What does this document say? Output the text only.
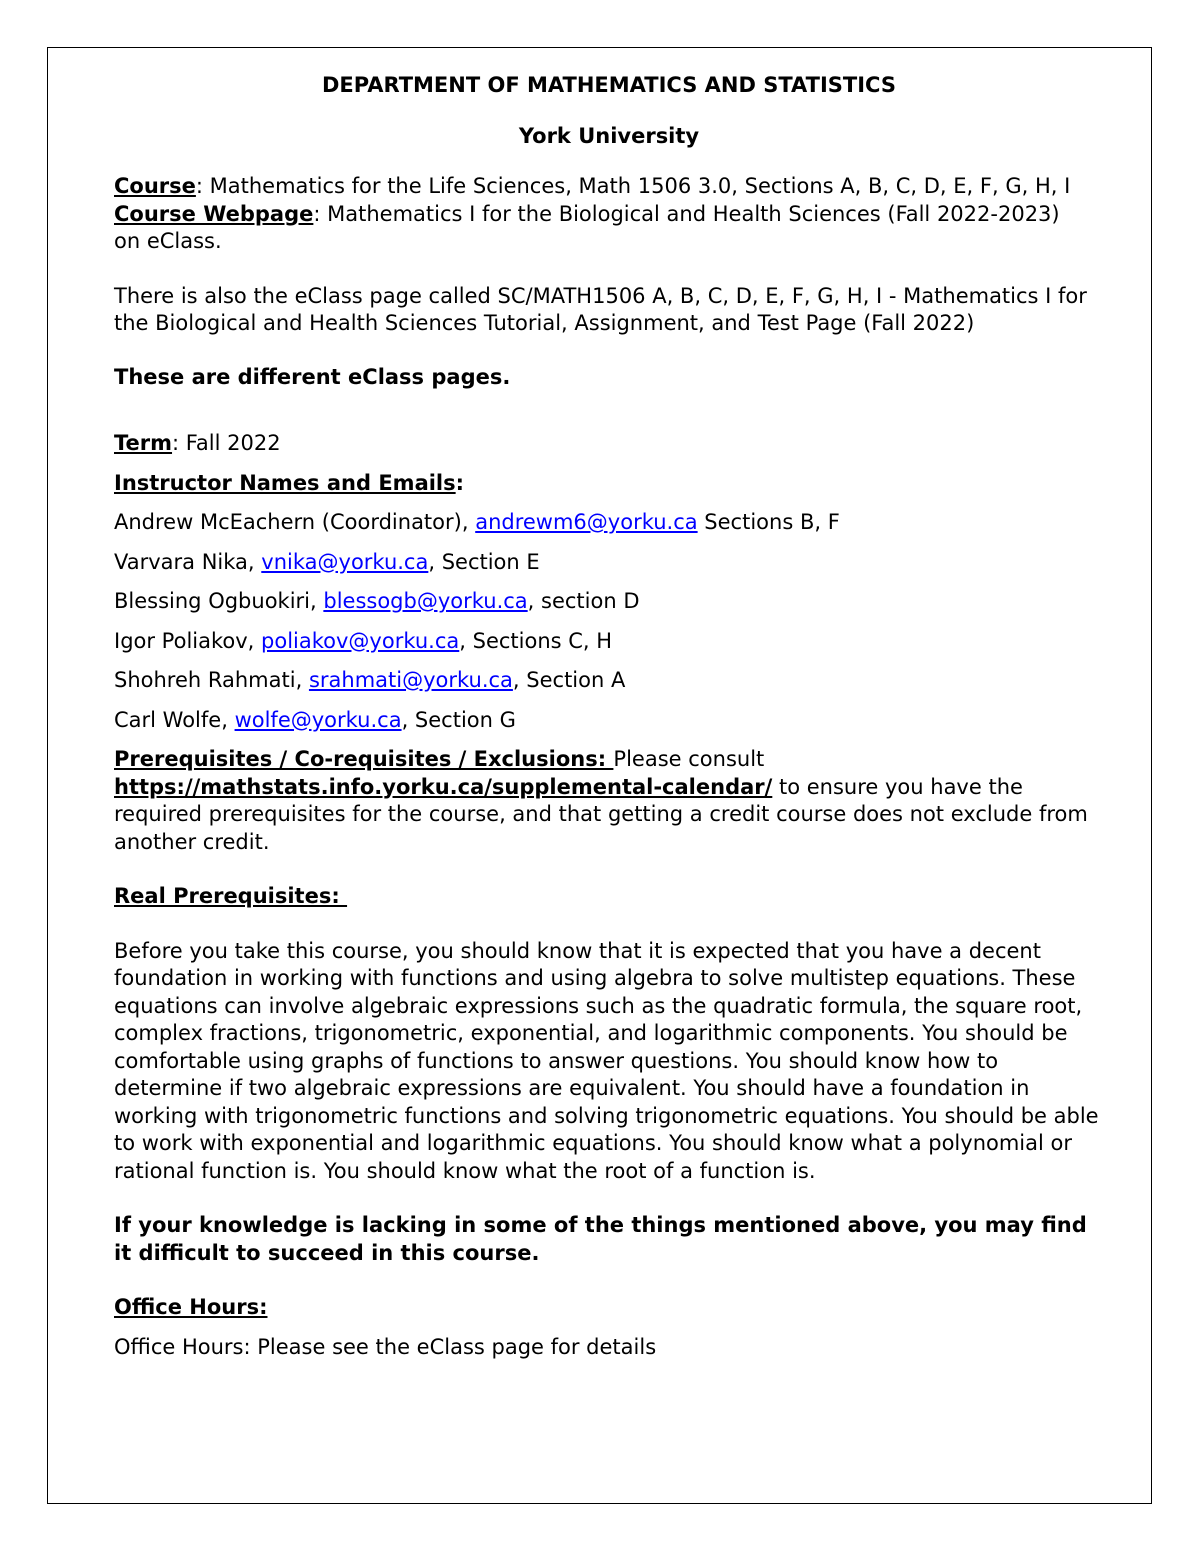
DEPARTMENT OF MATHEMATICS AND STATISTICS

York University

Course: Mathematics for the Life Sciences, Math 1506 3.0, Sections A, B, C, D, E, F, G, H, I

Course Webpage: Mathematics I for the Biological and Health Sciences (Fall 2022-2023)

on eClass.

There is also the eClass page called SC/MATH1506 A, B, C, D, E, F, G, H, I - Mathematics I for the Biological and Health Sciences Tutorial, Assignment, and Test Page (Fall 2022)

These are different eClass pages.

Term: Fall 2022

Instructor Names and Emails:

Andrew McEachern (Coordinator), andrewm6@yorku.ca Sections B, F

Varvara Nika, vnika@yorku.ca, Section E

Blessing Ogbuokiri, blessogb@yorku.ca, section D

Igor Poliakov, poliakov@yorku.ca, Sections C, H

Shohreh Rahmati, srahmati@yorku.ca, Section A

Carl Wolfe, wolfe@yorku.ca, Section G

Prerequisites / Co-requisites / Exclusions: Please consult
https://mathstats.info.yorku.ca/supplemental-calendar/ to ensure you have the required prerequisites for the course, and that getting a credit course does not exclude from another credit.

Real Prerequisites:

Before you take this course, you should know that it is expected that you have a decent foundation in working with functions and using algebra to solve multistep equations. These equations can involve algebraic expressions such as the quadratic formula, the square root, complex fractions, trigonometric, exponential, and logarithmic components. You should be comfortable using graphs of functions to answer questions. You should know how to determine if two algebraic expressions are equivalent. You should have a foundation in working with trigonometric functions and solving trigonometric equations. You should be able to work with exponential and logarithmic equations. You should know what a polynomial or rational function is. You should know what the root of a function is.

If your knowledge is lacking in some of the things mentioned above, you may find it difficult to succeed in this course.

Office Hours:

Office Hours: Please see the eClass page for details
